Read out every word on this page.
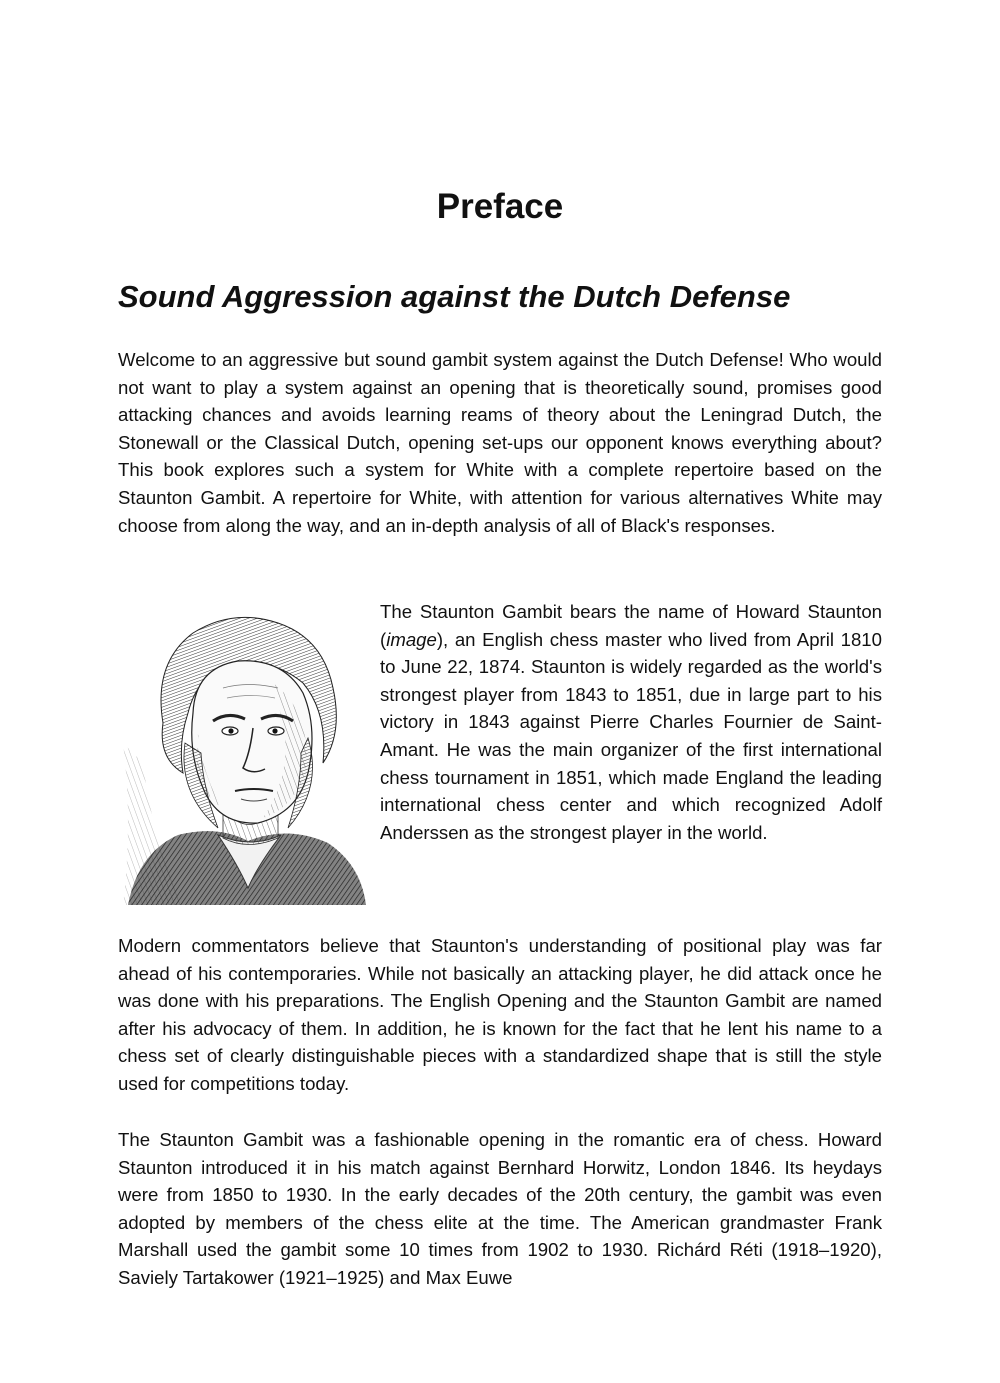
Preface
Sound Aggression against the Dutch Defense

Welcome to an aggressive but sound gambit system against the Dutch Defense! Who would not want to play a system against an opening that is theoretically sound, promises good attacking chances and avoids learning reams of theory about the Leningrad Dutch, the Stonewall or the Classical Dutch, opening set-ups our opponent knows everything about? This book explores such a system for White with a complete repertoire based on the Staunton Gambit. A repertoire for White, with attention for various alternatives White may choose from along the way, and an in-depth analysis of all of Black's responses.

The Staunton Gambit bears the name of Howard Staunton (image), an English chess master who lived from April 1810 to June 22, 1874. Staunton is widely regarded as the world's strongest player from 1843 to 1851, due in large part to his victory in 1843 against Pierre Charles Fournier de Saint-Amant. He was the main organizer of the first international chess tournament in 1851, which made England the leading international chess center and which recognized Adolf Anderssen as the strongest player in the world.

Modern commentators believe that Staunton's understanding of positional play was far ahead of his contemporaries. While not basically an attacking player, he did attack once he was done with his preparations. The English Opening and the Staunton Gambit are named after his advocacy of them. In addition, he is known for the fact that he lent his name to a chess set of clearly distinguishable pieces with a standardized shape that is still the style used for competitions today.

The Staunton Gambit was a fashionable opening in the romantic era of chess. Howard Staunton introduced it in his match against Bernhard Horwitz, London 1846. Its heydays were from 1850 to 1930. In the early decades of the 20th century, the gambit was even adopted by members of the chess elite at the time. The American grandmaster Frank Marshall used the gambit some 10 times from 1902 to 1930. Richárd Réti (1918–1920), Saviely Tartakower (1921–1925) and Max Euwe
